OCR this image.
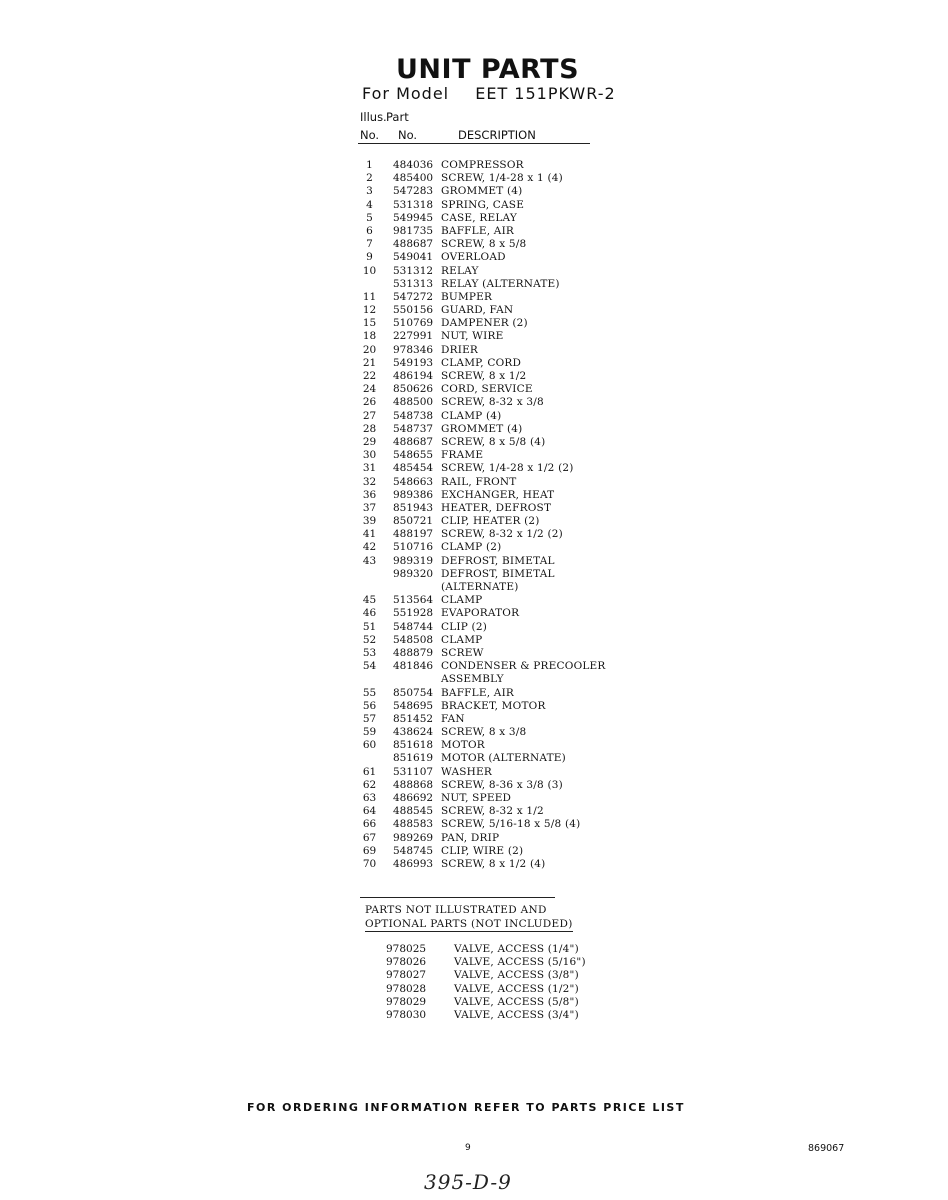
UNIT PARTS
For Model EET 151PKWR-2
Illus. Part
No. No.	DESCRIPTION
1	484036 COMPRESSOR
2	485400 SCREW, 1/4-28 x 1 (4)
3	547283 GROMMET (4)
4	531318 SPRING, CASE
5	549945 CASE, RELAY
6	981735 BAFFLE, AIR
7	488687 SCREW, 8 x 5/8
9	549041 OVERLOAD
10	531312 RELAY
531313 RELAY (ALTERNATE)
11	547272 BUMPER
12	550156 GUARD, FAN
15	510769 DAMPENER (2)
18	227991 NUT, WIRE
20	978346 DRIER
21	549193 CLAMP, CORD
22	486194 SCREW, 8 x 1/2
24	850626 CORD, SERVICE
26	488500 SCREW, 8-32 x 3/8
27	548738 CLAMP (4)
28	548737 GROMMET (4)
29	488687 SCREW, 8 x 5/8 (4)
30	548655 FRAME
31	485454 SCREW, 1/4-28 x 1/2 (2)
32	548663 RAIL, FRONT
36	989386 EXCHANGER, HEAT
37	851943 HEATER, DEFROST
39	850721 CLIP, HEATER (2)
41	488197 SCREW, 8-32 x 1/2 (2)
42	510716 CLAMP (2)
43	989319 DEFROST, BIMETAL
989320 DEFROST, BIMETAL
(ALTERNATE)
45	513564 CLAMP
46	551928 EVAPORATOR
51	548744 CLIP (2)
52	548508 CLAMP
53	488879 SCREW
54	481846 CONDENSER & PRECOOLER
ASSEMBLY
55	850754 BAFFLE, AIR
56	548695 BRACKET, MOTOR
57	851452 FAN
59	438624 SCREW, 8 x 3/8
60	851618 MOTOR
851619 MOTOR (ALTERNATE)
61	531107 WASHER
62	488868 SCREW, 8-36 x 3/8 (3)
63	486692 NUT, SPEED
64	488545 SCREW, 8-32 x 1/2
66	488583 SCREW, 5/16-18 x 5/8 (4)
67	989269 PAN, DRIP
69	548745 CLIP, WIRE (2)
70	486993 SCREW, 8 x 1/2 (4)
PARTS NOT ILLUSTRATED AND
OPTIONAL PARTS (NOT INCLUDED)
978025	VALVE, ACCESS (1/4")
978026	VALVE, ACCESS (5/16")
978027	VALVE, ACCESS (3/8")
978028	VALVE, ACCESS (1/2")
978029	VALVE, ACCESS (5/8")
978030	VALVE, ACCESS (3/4")
FOR ORDERING INFORMATION REFER TO PARTS PRICE LIST
9	869067
395-D-9
